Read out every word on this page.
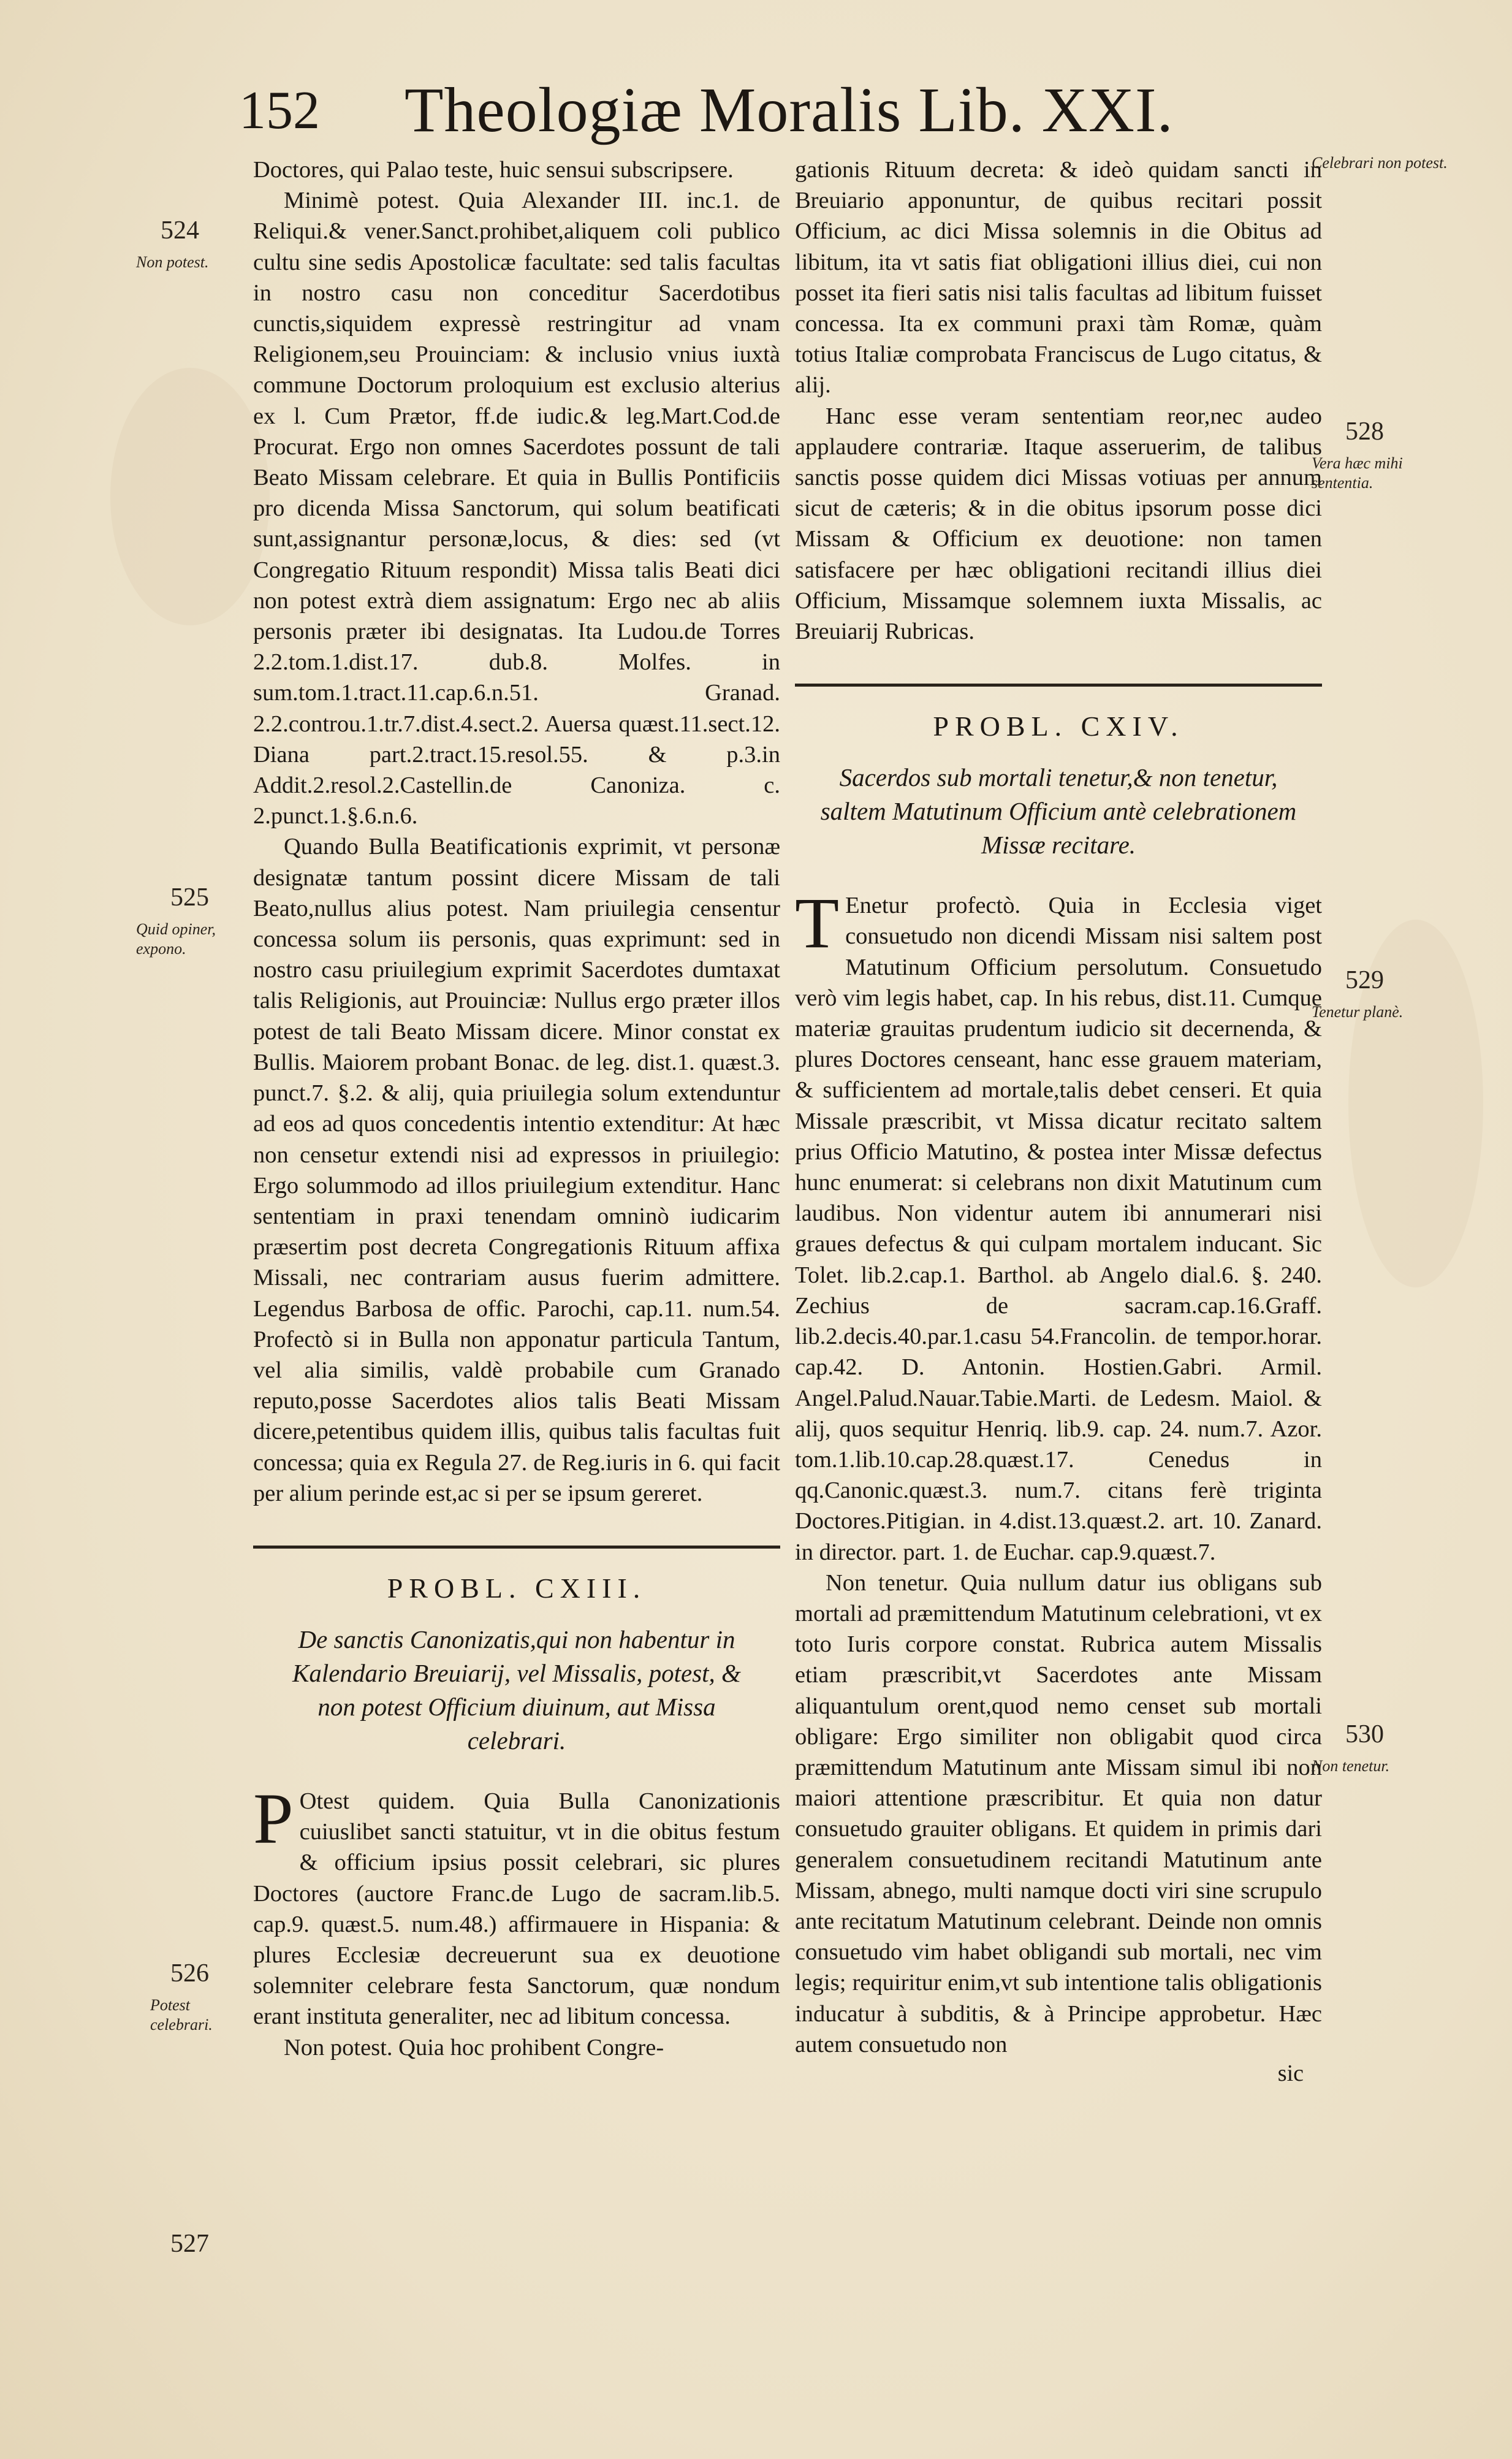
152 Theologiæ Moralis Lib. XXI.

Doctores, qui Palao teste, huic sensui subscripsere.

Minimè potest. Quia Alexander III. inc.1. de Reliqui.& vener.Sanct.prohibet,aliquem coli publico cultu sine sedis Apostolicæ facultate: sed talis facultas in nostro casu non conceditur Sacerdotibus cunctis,siquidem expressè restringitur ad vnam Religionem,seu Prouinciam: & inclusio vnius iuxtà commune Doctorum proloquium est exclusio alterius ex l. Cum Prætor, ff.de iudic.& leg.Mart.Cod.de Procurat. Ergo non omnes Sacerdotes possunt de tali Beato Missam celebrare. Et quia in Bullis Pontificiis pro dicenda Missa Sanctorum, qui solum beatificati sunt,assignantur personæ,locus, & dies: sed (vt Congregatio Rituum respondit) Missa talis Beati dici non potest extrà diem assignatum: Ergo nec ab aliis personis præter ibi designatas. Ita Ludou.de Torres 2.2.tom.1.dist.17. dub.8. Molfes. in sum.tom.1.tract.11.cap.6.n.51. Granad. 2.2.controu.1.tr.7.dist.4.sect.2. Auersa quæst.11.sect.12. Diana part.2.tract.15.resol.55. & p.3.in Addit.2.resol.2.Castellin.de Canoniza. c. 2.punct.1.§.6.n.6.

Quando Bulla Beatificationis exprimit, vt personæ designatæ tantum possint dicere Missam de tali Beato,nullus alius potest. Nam priuilegia censentur concessa solum iis personis, quas exprimunt: sed in nostro casu priuilegium exprimit Sacerdotes dumtaxat talis Religionis, aut Prouinciæ: Nullus ergo præter illos potest de tali Beato Missam dicere. Minor constat ex Bullis. Maiorem probant Bonac. de leg. dist.1. quæst.3. punct.7. §.2. & alij, quia priuilegia solum extenduntur ad eos ad quos concedentis intentio extenditur: At hæc non censetur extendi nisi ad expressos in priuilegio: Ergo solummodo ad illos priuilegium extenditur. Hanc sententiam in praxi tenendam omninò iudicarim præsertim post decreta Congregationis Rituum affixa Missali, nec contrariam ausus fuerim admittere. Legendus Barbosa de offic. Parochi, cap.11. num.54. Profectò si in Bulla non apponatur particula Tantum, vel alia similis, valdè probabile cum Granado reputo,posse Sacerdotes alios talis Beati Missam dicere,petentibus quidem illis, quibus talis facultas fuit concessa; quia ex Regula 27. de Reg.iuris in 6. qui facit per alium perinde est,ac si per se ipsum gereret.

PROBL. CXIII.
De sanctis Canonizatis,qui non habentur in Kalendario Breuiarij, vel Missalis, potest, & non potest Officium diuinum, aut Missa celebrari.
P Otest quidem. Quia Bulla Canonizationis cuiuslibet sancti statuitur, vt in die obitus festum & officium ipsius possit celebrari, sic plures Doctores (auctore Franc.de Lugo de sacram.lib.5. cap.9. quæst.5. num.48.) affirmauere in Hispania: & plures Ecclesiæ decreuerunt sua ex deuotione solemniter celebrare festa Sanctorum, quæ nondum erant instituta generaliter, nec ad libitum concessa.

Non potest. Quia hoc prohibent Congre-

gationis Rituum decreta: & ideò quidam sancti in Breuiario apponuntur, de quibus recitari possit Officium, ac dici Missa solemnis in die Obitus ad libitum, ita vt satis fiat obligationi illius diei, cui non posset ita fieri satis nisi talis facultas ad libitum fuisset concessa. Ita ex communi praxi tàm Romæ, quàm totius Italiæ comprobata Franciscus de Lugo citatus, & alij.

Hanc esse veram sententiam reor,nec audeo applaudere contrariæ. Itaque asseruerim, de talibus sanctis posse quidem dici Missas votiuas per annum sicut de cæteris; & in die obitus ipsorum posse dici Missam & Officium ex deuotione: non tamen satisfacere per hæc obligationi recitandi illius diei Officium, Missamque solemnem iuxta Missalis, ac Breuiarij Rubricas.

PROBL. CXIV.
Sacerdos sub mortali tenetur,& non tenetur, saltem Matutinum Officium antè celebrationem Missæ recitare.
T Enetur profectò. Quia in Ecclesia viget consuetudo non dicendi Missam nisi saltem post Matutinum Officium persolutum. Consuetudo verò vim legis habet, cap. In his rebus, dist.11. Cumque materiæ grauitas prudentum iudicio sit decernenda, & plures Doctores censeant, hanc esse grauem materiam, & sufficientem ad mortale,talis debet censeri. Et quia Missale præscribit, vt Missa dicatur recitato saltem prius Officio Matutino, & postea inter Missæ defectus hunc enumerat: si celebrans non dixit Matutinum cum laudibus. Non videntur autem ibi annumerari nisi graues defectus & qui culpam mortalem inducant. Sic Tolet. lib.2.cap.1. Barthol. ab Angelo dial.6. §. 240. Zechius de sacram.cap.16.Graff. lib.2.decis.40.par.1.casu 54.Francolin. de tempor.horar. cap.42. D. Antonin. Hostien.Gabri. Armil. Angel.Palud.Nauar.Tabie.Marti. de Ledesm. Maiol. & alij, quos sequitur Henriq. lib.9. cap. 24. num.7. Azor. tom.1.lib.10.cap.28.quæst.17. Cenedus in qq.Canonic.quæst.3. num.7. citans ferè triginta Doctores.Pitigian. in 4.dist.13.quæst.2. art. 10. Zanard. in director. part. 1. de Euchar. cap.9.quæst.7.

Non tenetur. Quia nullum datur ius obligans sub mortali ad præmittendum Matutinum celebrationi, vt ex toto Iuris corpore constat. Rubrica autem Missalis etiam præscribit,vt Sacerdotes ante Missam aliquantulum orent,quod nemo censet sub mortali obligare: Ergo similiter non obligabit quod circa præmittendum Matutinum ante Missam simul ibi non maiori attentione præscribitur. Et quia non datur consuetudo grauiter obligans. Et quidem in primis dari generalem consuetudinem recitandi Matutinum ante Missam, abnego, multi namque docti viri sine scrupulo ante recitatum Matutinum celebrant. Deinde non omnis consuetudo vim habet obligandi sub mortali, nec vim legis; requiritur enim,vt sub intentione talis obligationis inducatur à subditis, & à Principe approbetur. Hæc autem consuetudo non

sic
524
Non potest.
525
Quid opiner, expono.
526
Potest celebrari.
527
Celebrari non potest.
528
Vera hæc mihi sententia.
529
Tenetur planè.
530
Non tenetur.
